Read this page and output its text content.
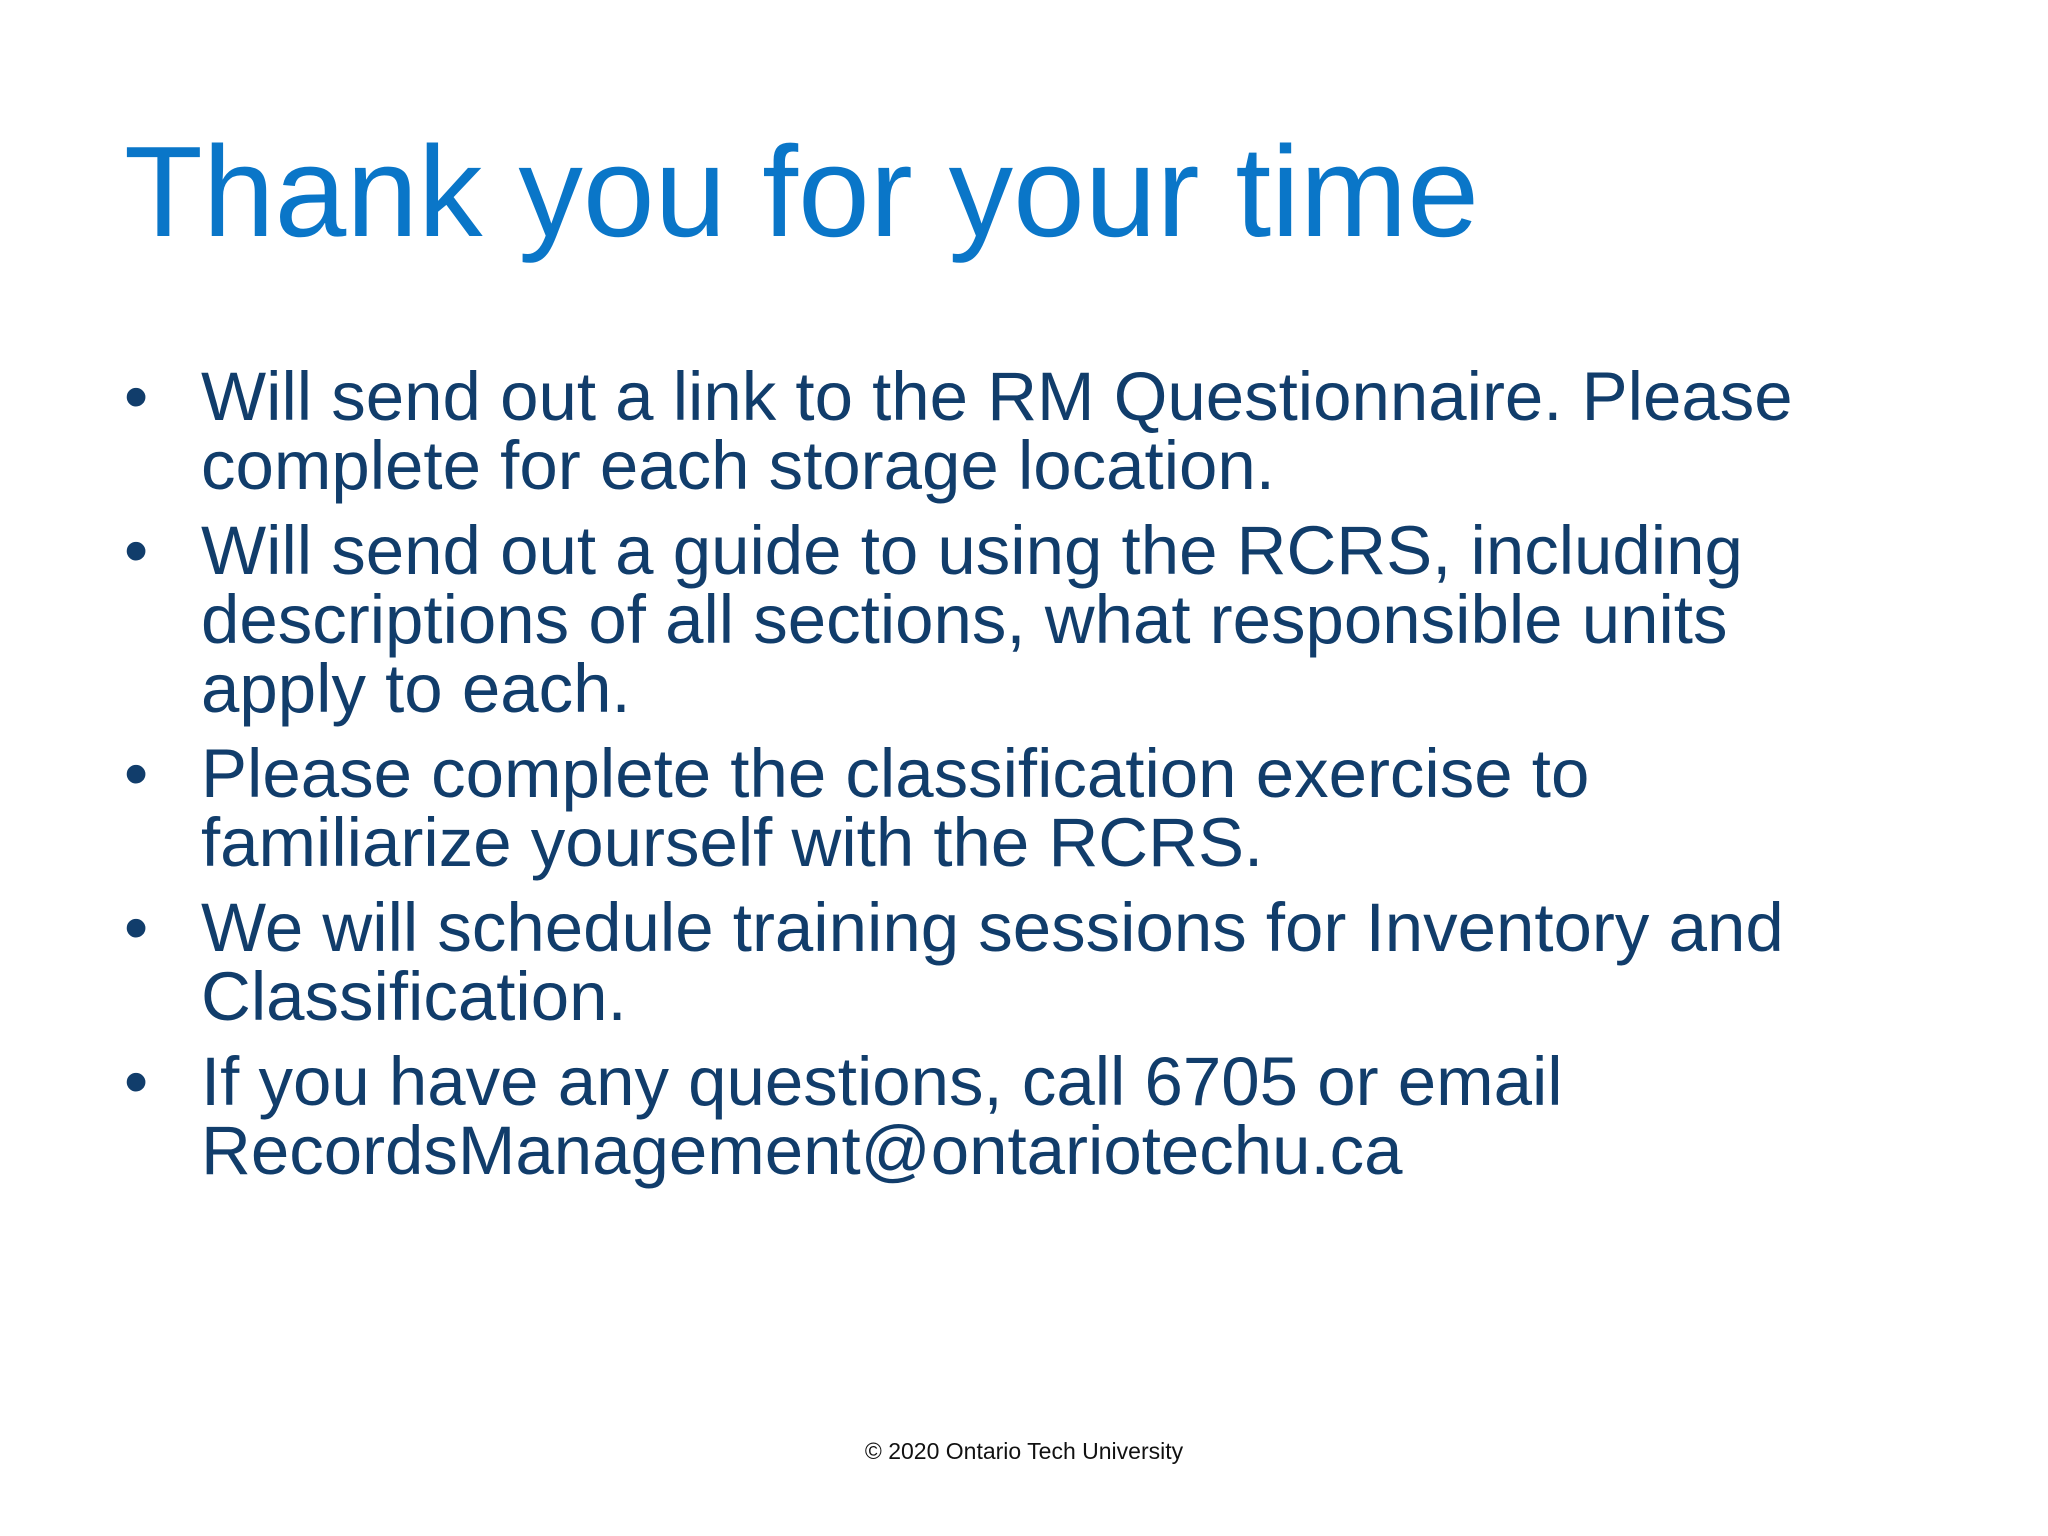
Thank you for your time
• Will send out a link to the RM Questionnaire. Please
complete for each storage location.
• Will send out a guide to using the RCRS, including
descriptions of all sections, what responsible units
apply to each.
• Please complete the classification exercise to
familiarize yourself with the RCRS.
• We will schedule training sessions for Inventory and
Classification.
• If you have any questions, call 6705 or email
RecordsManagement@ontariotechu.ca
© 2020 Ontario Tech University
